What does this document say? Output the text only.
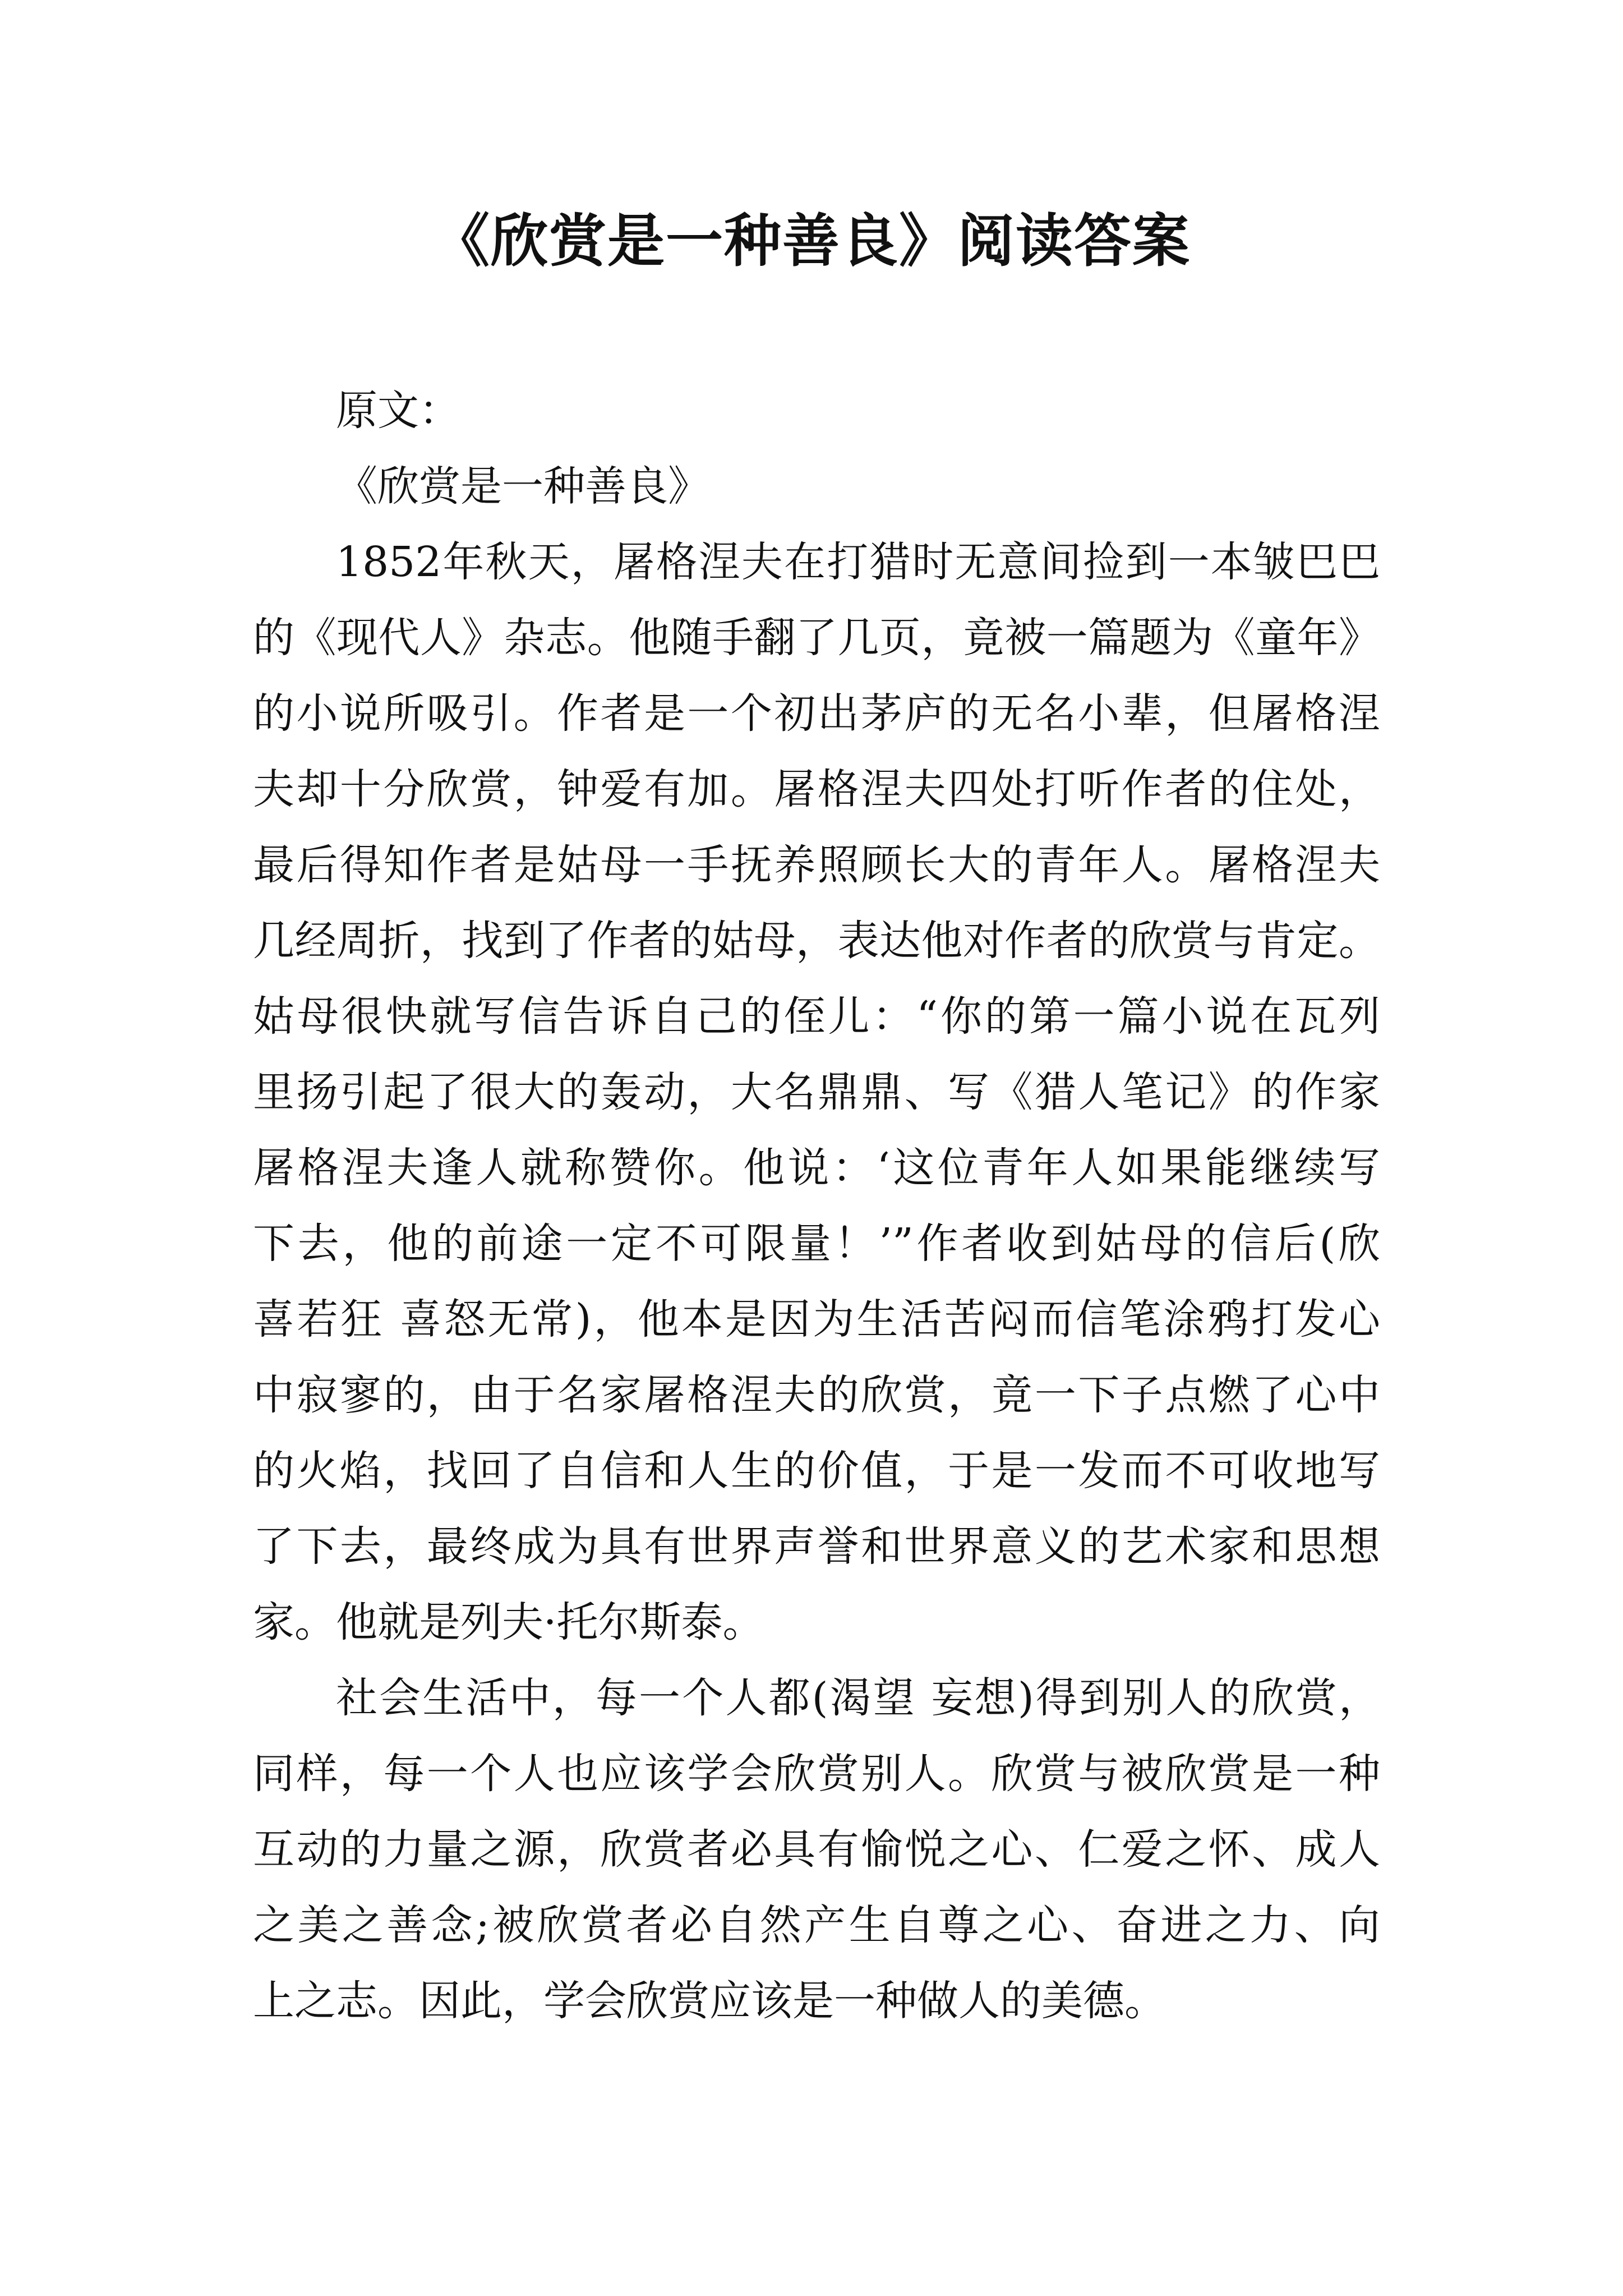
《欣赏是一种善良》阅读答案
原文：
《欣赏是一种善良》
1852年秋天，屠格涅夫在打猎时无意间捡到一本皱巴巴
的《现代人》杂志。他随手翻了几页，竟被一篇题为《童年》
的小说所吸引。作者是一个初出茅庐的无名小辈，但屠格涅
夫却十分欣赏，钟爱有加。屠格涅夫四处打听作者的住处，
最后得知作者是姑母一手抚养照顾长大的青年人。屠格涅夫
几经周折，找到了作者的姑母，表达他对作者的欣赏与肯定。
姑母很快就写信告诉自己的侄儿：“你的第一篇小说在瓦列
里扬引起了很大的轰动，大名鼎鼎、写《猎人笔记》的作家
屠格涅夫逢人就称赞你。他说：‘这位青年人如果能继续写
下去，他的前途一定不可限量！’”作者收到姑母的信后(欣
喜若狂 喜怒无常)，他本是因为生活苦闷而信笔涂鸦打发心
中寂寥的，由于名家屠格涅夫的欣赏，竟一下子点燃了心中
的火焰，找回了自信和人生的价值，于是一发而不可收地写
了下去，最终成为具有世界声誉和世界意义的艺术家和思想
家。他就是列夫·托尔斯泰。
社会生活中，每一个人都(渴望 妄想)得到别人的欣赏，
同样，每一个人也应该学会欣赏别人。欣赏与被欣赏是一种
互动的力量之源，欣赏者必具有愉悦之心、仁爱之怀、成人
之美之善念;被欣赏者必自然产生自尊之心、奋进之力、向
上之志。因此，学会欣赏应该是一种做人的美德。
